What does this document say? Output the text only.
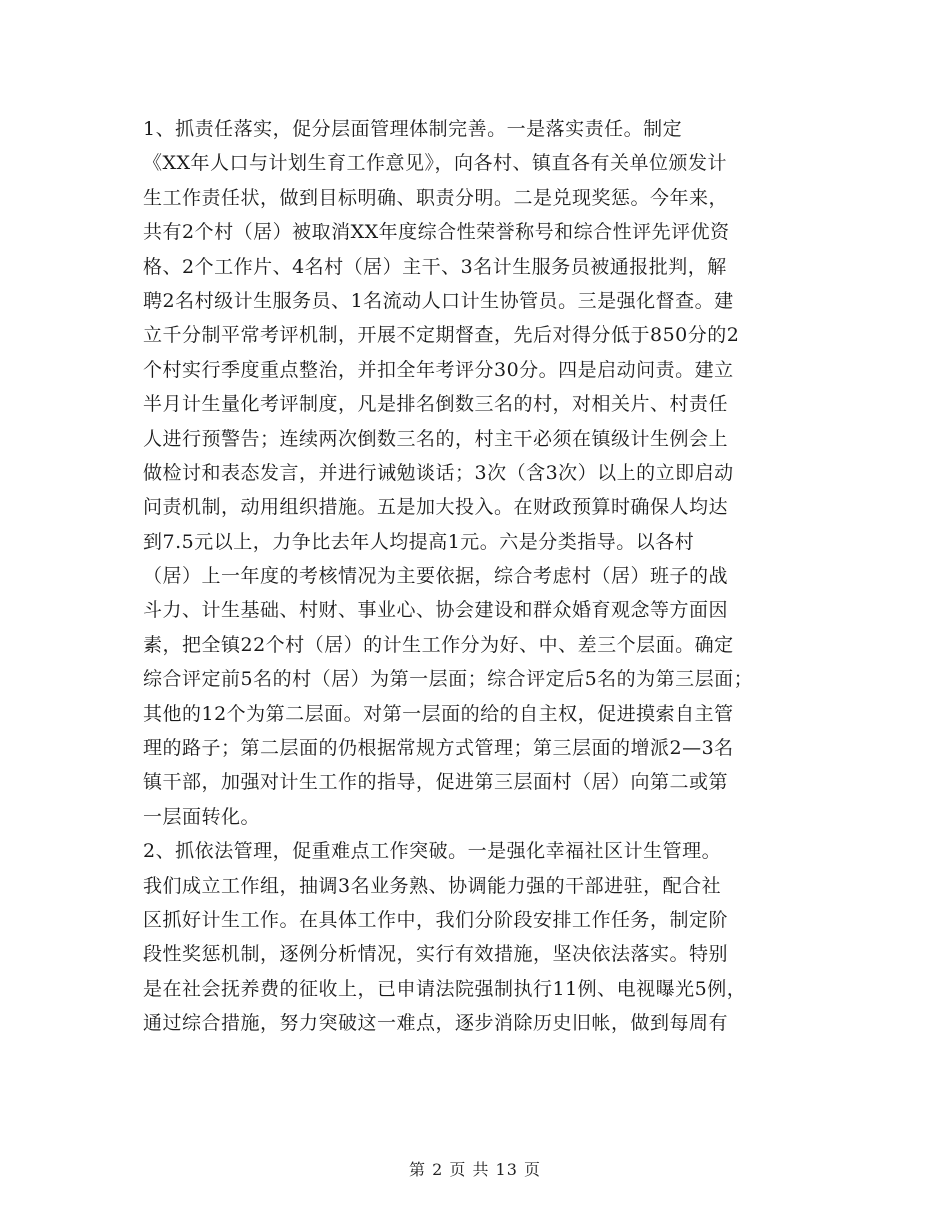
1、抓责任落实，促分层面管理体制完善。一是落实责任。制定
《XX年人口与计划生育工作意见》，向各村、镇直各有关单位颁发计
生工作责任状，做到目标明确、职责分明。二是兑现奖惩。今年来，
共有2个村（居）被取消XX年度综合性荣誉称号和综合性评先评优资
格、2个工作片、4名村（居）主干、3名计生服务员被通报批判，解
聘2名村级计生服务员、1名流动人口计生协管员。三是强化督查。建
立千分制平常考评机制，开展不定期督查，先后对得分低于850分的2
个村实行季度重点整治，并扣全年考评分30分。四是启动问责。建立
半月计生量化考评制度，凡是排名倒数三名的村，对相关片、村责任
人进行预警告；连续两次倒数三名的，村主干必须在镇级计生例会上
做检讨和表态发言，并进行诫勉谈话；3次（含3次）以上的立即启动
问责机制，动用组织措施。五是加大投入。在财政预算时确保人均达
到7.5元以上，力争比去年人均提高1元。六是分类指导。以各村
（居）上一年度的考核情况为主要依据，综合考虑村（居）班子的战
斗力、计生基础、村财、事业心、协会建设和群众婚育观念等方面因
素，把全镇22个村（居）的计生工作分为好、中、差三个层面。确定
综合评定前5名的村（居）为第一层面；综合评定后5名的为第三层面；
其他的12个为第二层面。对第一层面的给的自主权，促进摸索自主管
理的路子；第二层面的仍根据常规方式管理；第三层面的增派2—3名
镇干部，加强对计生工作的指导，促进第三层面村（居）向第二或第
一层面转化。
2、抓依法管理，促重难点工作突破。一是强化幸福社区计生管理。
我们成立工作组，抽调3名业务熟、协调能力强的干部进驻，配合社
区抓好计生工作。在具体工作中，我们分阶段安排工作任务，制定阶
段性奖惩机制，逐例分析情况，实行有效措施，坚决依法落实。特别
是在社会抚养费的征收上，已申请法院强制执行11例、电视曝光5例，
通过综合措施，努力突破这一难点，逐步消除历史旧帐，做到每周有
第 2 页 共 13 页
